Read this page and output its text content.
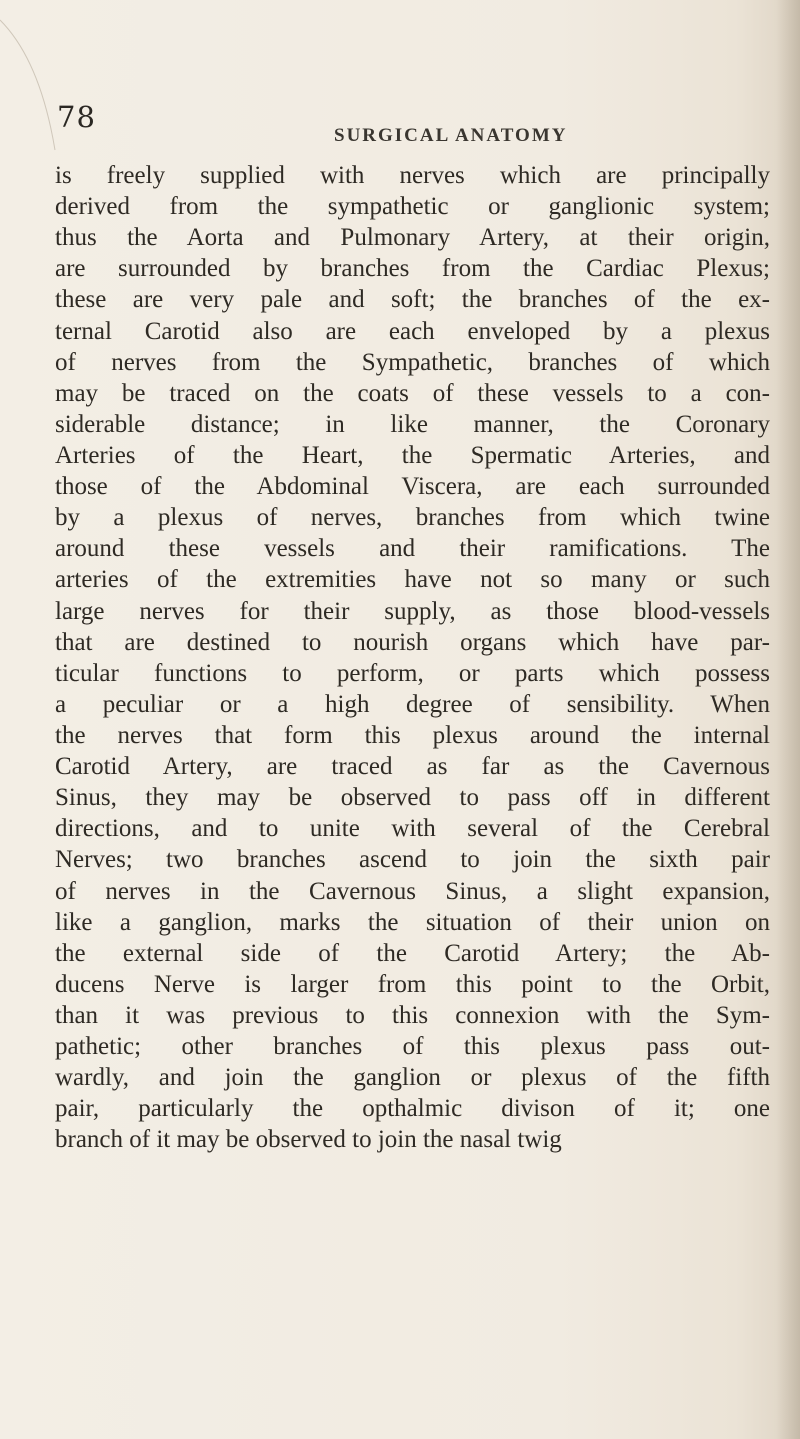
78
SURGICAL ANATOMY
is freely supplied with nerves which are principally
derived from the sympathetic or ganglionic system;
thus the Aorta and Pulmonary Artery, at their origin,
are surrounded by branches from the Cardiac Plexus;
these are very pale and soft; the branches of the ex-
ternal Carotid also are each enveloped by a plexus
of nerves from the Sympathetic, branches of which
may be traced on the coats of these vessels to a con-
siderable distance; in like manner, the Coronary
Arteries of the Heart, the Spermatic Arteries, and
those of the Abdominal Viscera, are each surrounded
by a plexus of nerves, branches from which twine
around these vessels and their ramifications. The
arteries of the extremities have not so many or such
large nerves for their supply, as those blood-vessels
that are destined to nourish organs which have par-
ticular functions to perform, or parts which possess
a peculiar or a high degree of sensibility. When
the nerves that form this plexus around the internal
Carotid Artery, are traced as far as the Cavernous
Sinus, they may be observed to pass off in different
directions, and to unite with several of the Cerebral
Nerves; two branches ascend to join the sixth pair
of nerves in the Cavernous Sinus, a slight expansion,
like a ganglion, marks the situation of their union on
the external side of the Carotid Artery; the Ab-
ducens Nerve is larger from this point to the Orbit,
than it was previous to this connexion with the Sym-
pathetic; other branches of this plexus pass out-
wardly, and join the ganglion or plexus of the fifth
pair, particularly the opthalmic divison of it; one
branch of it may be observed to join the nasal twig
